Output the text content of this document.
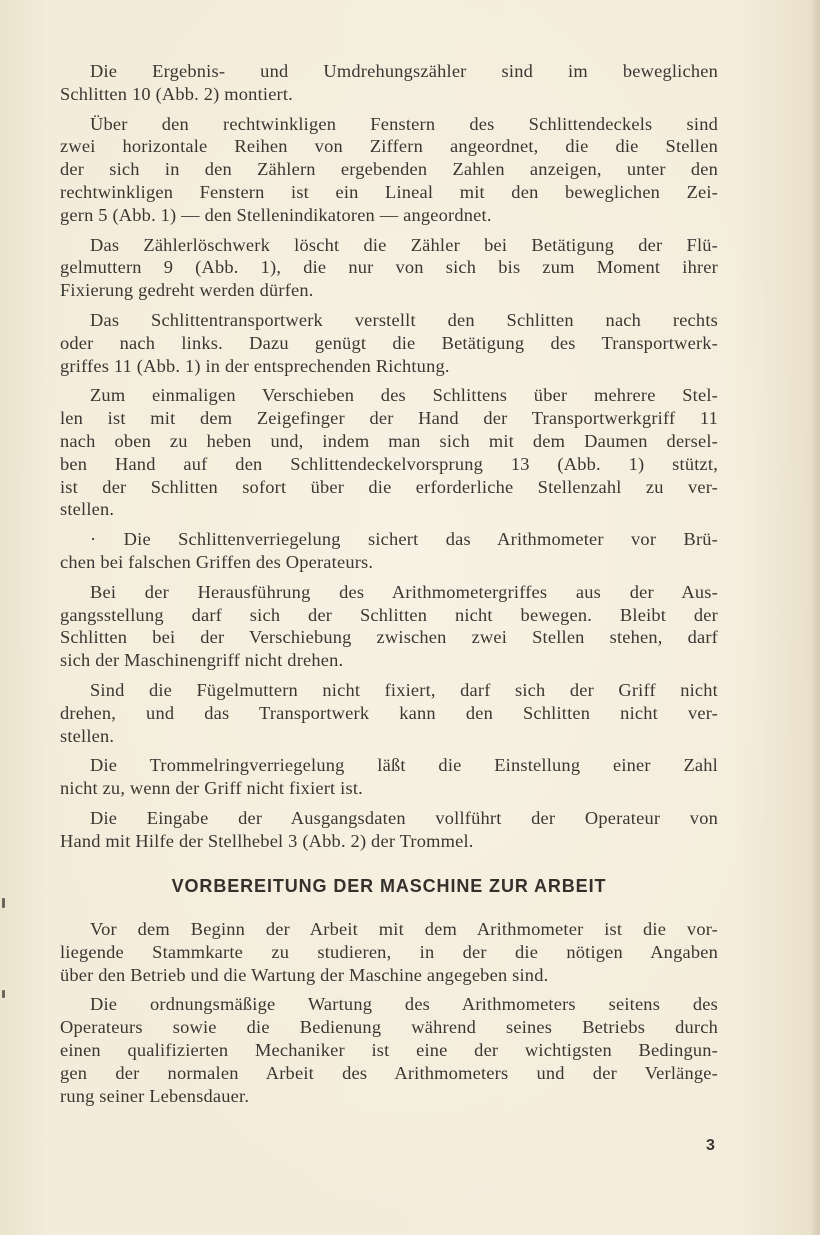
Die Ergebnis- und Umdrehungszähler sind im beweglichen
Schlitten 10 (Abb. 2) montiert.
Über den rechtwinkligen Fenstern des Schlittendeckels sind
zwei horizontale Reihen von Ziffern angeordnet, die die Stellen
der sich in den Zählern ergebenden Zahlen anzeigen, unter den
rechtwinkligen Fenstern ist ein Lineal mit den beweglichen Zei-
gern 5 (Abb. 1) — den Stellenindikatoren — angeordnet.
Das Zählerlöschwerk löscht die Zähler bei Betätigung der Flü-
gelmuttern 9 (Abb. 1), die nur von sich bis zum Moment ihrer
Fixierung gedreht werden dürfen.
Das Schlittentransportwerk verstellt den Schlitten nach rechts
oder nach links. Dazu genügt die Betätigung des Transportwerk-
griffes 11 (Abb. 1) in der entsprechenden Richtung.
Zum einmaligen Verschieben des Schlittens über mehrere Stel-
len ist mit dem Zeigefinger der Hand der Transportwerkgriff 11
nach oben zu heben und, indem man sich mit dem Daumen dersel-
ben Hand auf den Schlittendeckelvorsprung 13 (Abb. 1) stützt,
ist der Schlitten sofort über die erforderliche Stellenzahl zu ver-
stellen.
· Die Schlittenverriegelung sichert das Arithmometer vor Brü-
chen bei falschen Griffen des Operateurs.
Bei der Herausführung des Arithmometergriffes aus der Aus-
gangsstellung darf sich der Schlitten nicht bewegen. Bleibt der
Schlitten bei der Verschiebung zwischen zwei Stellen stehen, darf
sich der Maschinengriff nicht drehen.
Sind die Fügelmuttern nicht fixiert, darf sich der Griff nicht
drehen, und das Transportwerk kann den Schlitten nicht ver-
stellen.
Die Trommelringverriegelung läßt die Einstellung einer Zahl
nicht zu, wenn der Griff nicht fixiert ist.
Die Eingabe der Ausgangsdaten vollführt der Operateur von
Hand mit Hilfe der Stellhebel 3 (Abb. 2) der Trommel.
VORBEREITUNG DER MASCHINE ZUR ARBEIT
Vor dem Beginn der Arbeit mit dem Arithmometer ist die vor-
liegende Stammkarte zu studieren, in der die nötigen Angaben
über den Betrieb und die Wartung der Maschine angegeben sind.
Die ordnungsmäßige Wartung des Arithmometers seitens des
Operateurs sowie die Bedienung während seines Betriebs durch
einen qualifizierten Mechaniker ist eine der wichtigsten Bedingun-
gen der normalen Arbeit des Arithmometers und der Verlänge-
rung seiner Lebensdauer.
3
